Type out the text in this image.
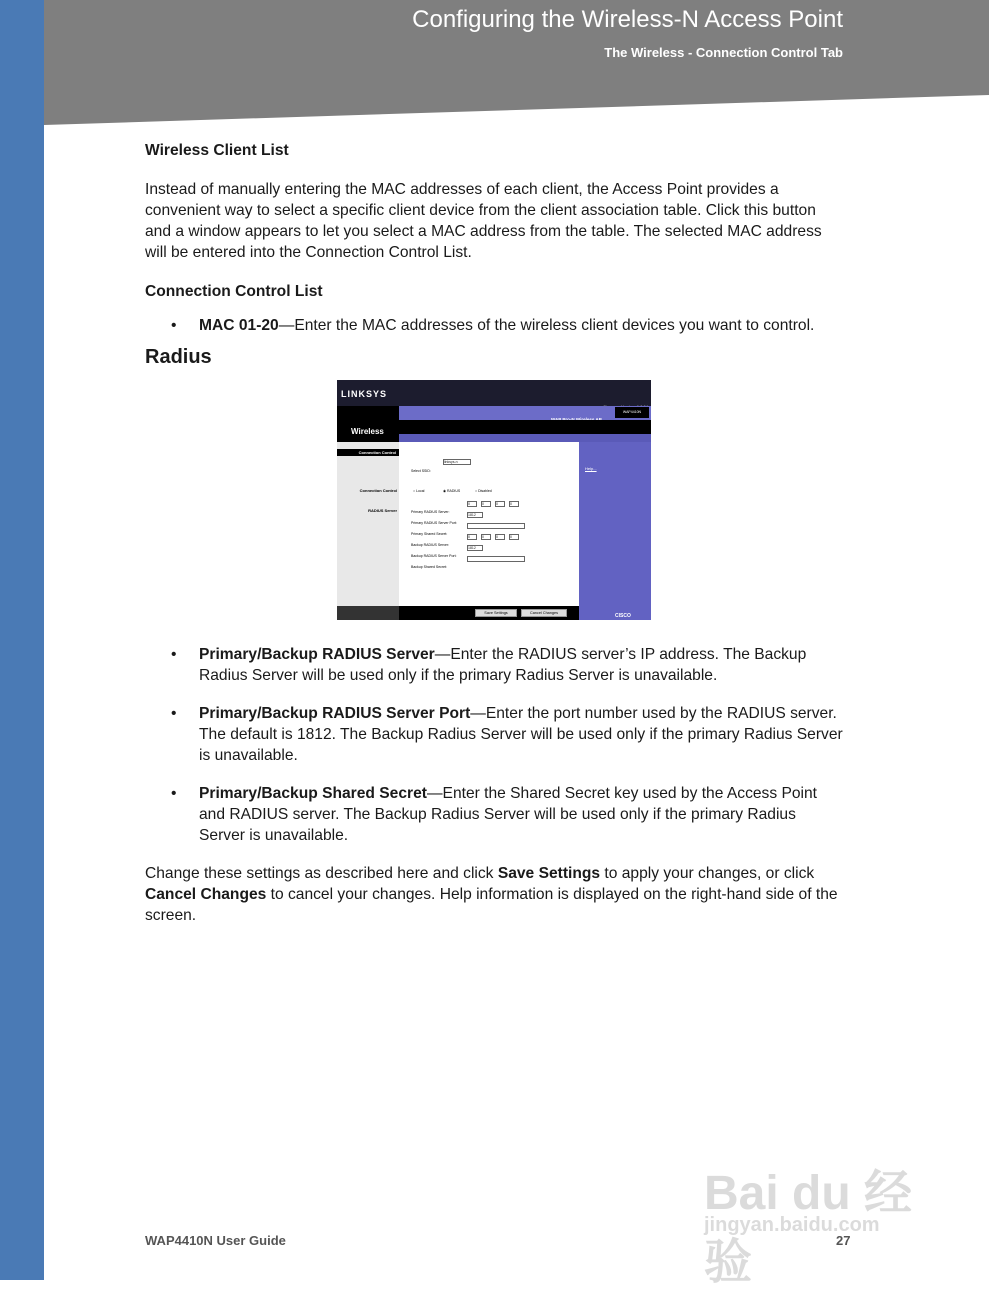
Configuring the Wireless-N Access Point
The Wireless - Connection Control Tab

Wireless Client List

Instead of manually entering the MAC addresses of each client, the Access Point provides a convenient way to select a specific client device from the client association table. Click this button and a window appears to let you select a MAC address from the table. The selected MAC address will be entered into the Connection Control List.

Connection Control List

• MAC 01-20—Enter the MAC addresses of the wireless client devices you want to control.

Radius

LINKSYS
Wireless
WAP4410N
Help...
Connection Control
Connection Control
RADIUS Server
Select SSID:
linksys-n
○ Local	◉ RADIUS	○ Disabled
Primary RADIUS Server:
0	0	0	0
Primary RADIUS Server Port:
1812
Primary Shared Secret:
Backup RADIUS Server:
0	0	0	0
Backup RADIUS Server Port:
1812
Backup Shared Secret:
Save Settings	Cancel Changes	CISCO
• Primary/Backup RADIUS Server—Enter the RADIUS server’s IP address. The Backup Radius Server will be used only if the primary Radius Server is unavailable.
• Primary/Backup RADIUS Server Port—Enter the port number used by the RADIUS server. The default is 1812. The Backup Radius Server will be used only if the primary Radius Server is unavailable.
• Primary/Backup Shared Secret—Enter the Shared Secret key used by the Access Point and RADIUS server. The Backup Radius Server will be used only if the primary Radius Server is unavailable.

Change these settings as described here and click Save Settings to apply your changes, or click Cancel Changes to cancel your changes. Help information is displayed on the right-hand side of the screen.

Bai du 经验
jingyan.baidu.com
WAP4410N User Guide	27
